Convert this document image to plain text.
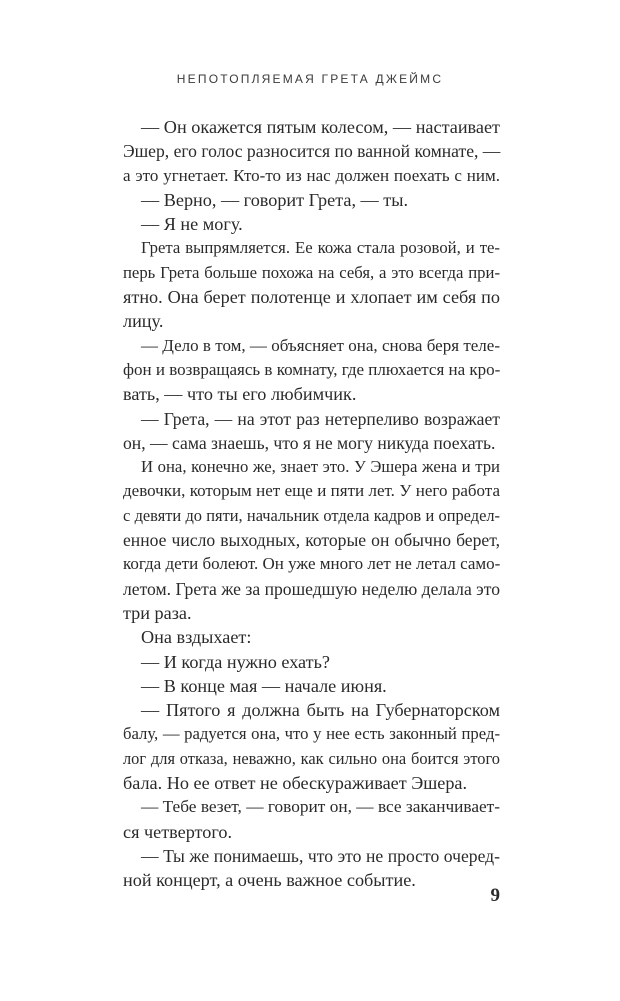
НЕПОТОПЛЯЕМАЯ ГРЕТА ДЖЕЙМС
— Он окажется пятым колесом, — настаивает
Эшер, его голос разносится по ванной комнате, —
а это угнетает. Кто-то из нас должен поехать с ним.
— Верно, — говорит Грета, — ты.
— Я не могу.
Грета выпрямляется. Ее кожа стала розовой, и те-
перь Грета больше похожа на себя, а это всегда при-
ятно. Она берет полотенце и хлопает им себя по
лицу.
— Дело в том, — объясняет она, снова беря теле-
фон и возвращаясь в комнату, где плюхается на кро-
вать, — что ты его любимчик.
— Грета, — на этот раз нетерпеливо возражает
он, — сама знаешь, что я не могу никуда поехать.
И она, конечно же, знает это. У Эшера жена и три
девочки, которым нет еще и пяти лет. У него работа
с девяти до пяти, начальник отдела кадров и определ-
енное число выходных, которые он обычно берет,
когда дети болеют. Он уже много лет не летал само-
летом. Грета же за прошедшую неделю делала это
три раза.
Она вздыхает:
— И когда нужно ехать?
— В конце мая — начале июня.
— Пятого я должна быть на Губернаторском
балу, — радуется она, что у нее есть законный пред-
лог для отказа, неважно, как сильно она боится этого
бала. Но ее ответ не обескураживает Эшера.
— Тебе везет, — говорит он, — все заканчивает-
ся четвертого.
— Ты же понимаешь, что это не просто очеред-
ной концерт, а очень важное событие.
9
